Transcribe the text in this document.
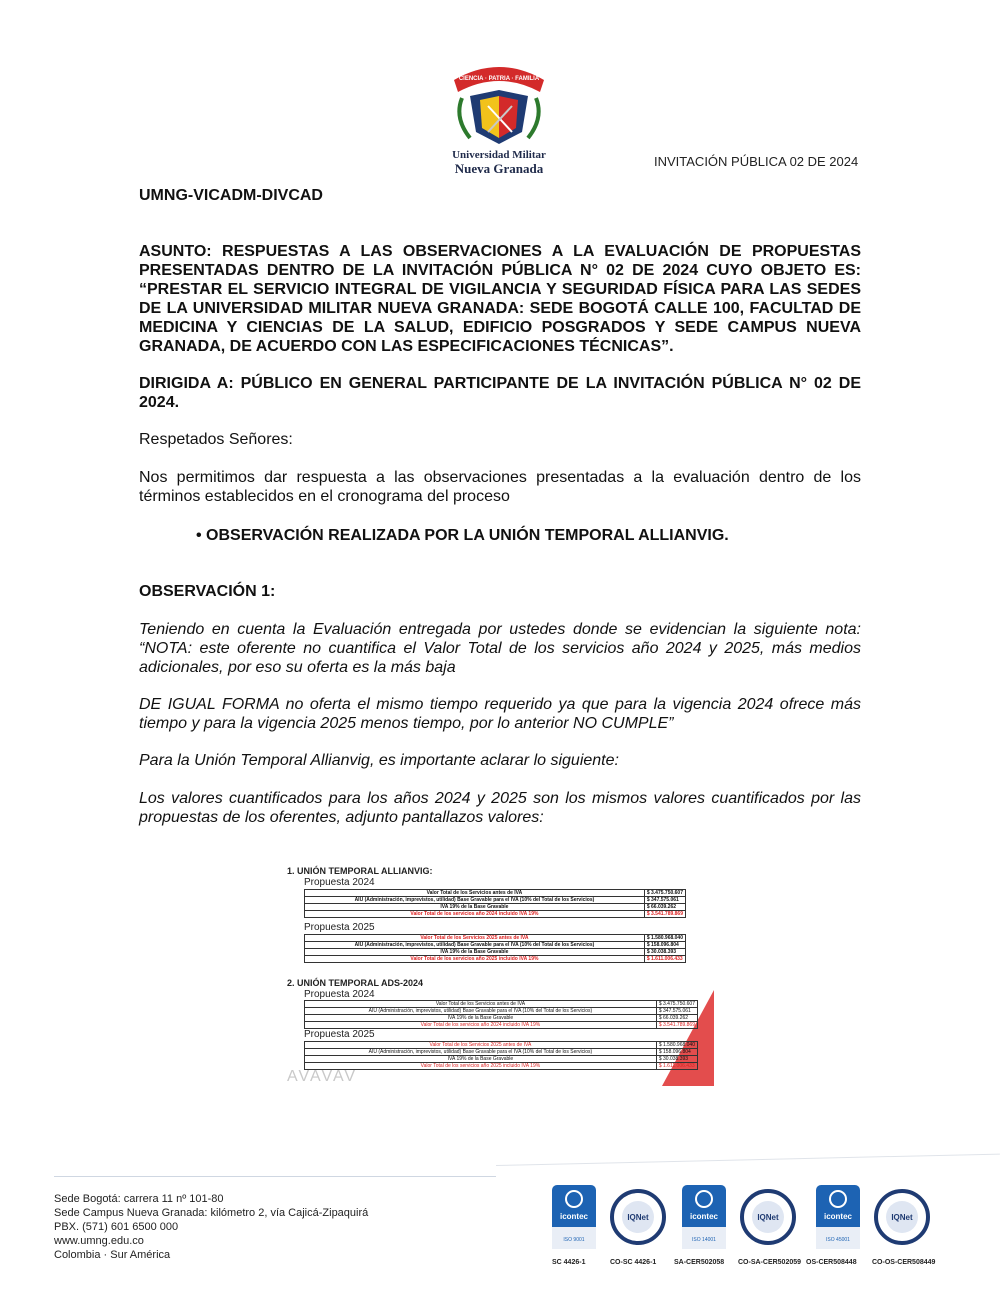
CIENCIA · PATRIA · FAMILIA
Universidad Militar
Nueva Granada	INVITACIÓN PÚBLICA 02 DE 2024
UMNG-VICADM-DIVCAD
ASUNTO: RESPUESTAS A LAS OBSERVACIONES A LA EVALUACIÓN DE PROPUESTAS PRESENTADAS DENTRO DE LA INVITACIÓN PÚBLICA N° 02 DE 2024 CUYO OBJETO ES: “PRESTAR EL SERVICIO INTEGRAL DE VIGILANCIA Y SEGURIDAD FÍSICA PARA LAS SEDES DE LA UNIVERSIDAD MILITAR NUEVA GRANADA: SEDE BOGOTÁ CALLE 100, FACULTAD DE MEDICINA Y CIENCIAS DE LA SALUD, EDIFICIO POSGRADOS Y SEDE CAMPUS NUEVA GRANADA, DE ACUERDO CON LAS ESPECIFICACIONES TÉCNICAS”.
DIRIGIDA A: PÚBLICO EN GENERAL PARTICIPANTE DE LA INVITACIÓN PÚBLICA N° 02 DE 2024.
Respetados Señores:
Nos permitimos dar respuesta a las observaciones presentadas a la evaluación dentro de los términos establecidos en el cronograma del proceso
• OBSERVACIÓN REALIZADA POR LA UNIÓN TEMPORAL ALLIANVIG.
OBSERVACIÓN 1:
Teniendo en cuenta la Evaluación entregada por ustedes donde se evidencian la siguiente nota: “NOTA: este oferente no cuantifica el Valor Total de los servicios año 2024 y 2025, más medios adicionales, por eso su oferta es la más baja
DE IGUAL FORMA no oferta el mismo tiempo requerido ya que para la vigencia 2024 ofrece más tiempo y para la vigencia 2025 menos tiempo, por lo anterior NO CUMPLE”
Para la Unión Temporal Allianvig, es importante aclarar lo siguiente:
Los valores cuantificados para los años 2024 y 2025 son los mismos valores cuantificados por las propuestas de los oferentes, adjunto pantallazos valores:
1. UNIÓN TEMPORAL ALLIANVIG:
Propuesta 2024
Valor Total de los Servicios antes de IVA	$ 3.475.750.607
AIU (Administración, imprevistos, utilidad) Base Gravable para el IVA (10% del Total de los Servicios)	$ 347.575.061
IVA 19% de la Base Gravable	$ 66.039.262
Valor Total de los servicios año 2024 incluido IVA 19%	$ 3.541.789.869
Propuesta 2025
Valor Total de los Servicios 2025 antes de IVA	$ 1.580.968.040
AIU (Administración, imprevistos, utilidad) Base Gravable para el IVA (10% del Total de los Servicios)	$ 158.096.804
IVA 19% de la Base Gravable	$ 30.038.393
Valor Total de los servicios año 2025 incluido IVA 19%	$ 1.611.006.433
2. UNIÓN TEMPORAL ADS-2024
Propuesta 2024
Valor Total de los Servicios antes de IVA	$ 3.475.750.607
AIU (Administración, imprevistos, utilidad) Base Gravable para el IVA (10% del Total de los Servicios)	$ 347.575.061
IVA 19% de la Base Gravable	$ 66.039.262
Valor Total de los servicios año 2024 incluido IVA 19%	$ 3.541.789.869
Propuesta 2025
Valor Total de los Servicios 2025 antes de IVA	$ 1.580.968.040
AIU (Administración, imprevistos, utilidad) Base Gravable para el IVA (10% del Total de los Servicios)	$ 158.096.804
IVA 19% de la Base Gravable	$ 30.038.393
Valor Total de los servicios año 2025 incluido IVA 19%	$ 1.611.006.433
AVAVAV
Sede Bogotá: carrera 11 nº 101-80
Sede Campus Nueva Granada: kilómetro 2, vía Cajicá-Zipaquirá
PBX. (571) 601 6500 000
www.umng.edu.co
Colombia · Sur América
icontec
ISO 9001
SC 4426-1
IQNet
CO-SC 4426-1
icontec
ISO 14001
SA-CER502058
IQNet
CO-SA-CER502059
icontec
ISO 45001
OS-CER508448
IQNet
CO-OS-CER508449
